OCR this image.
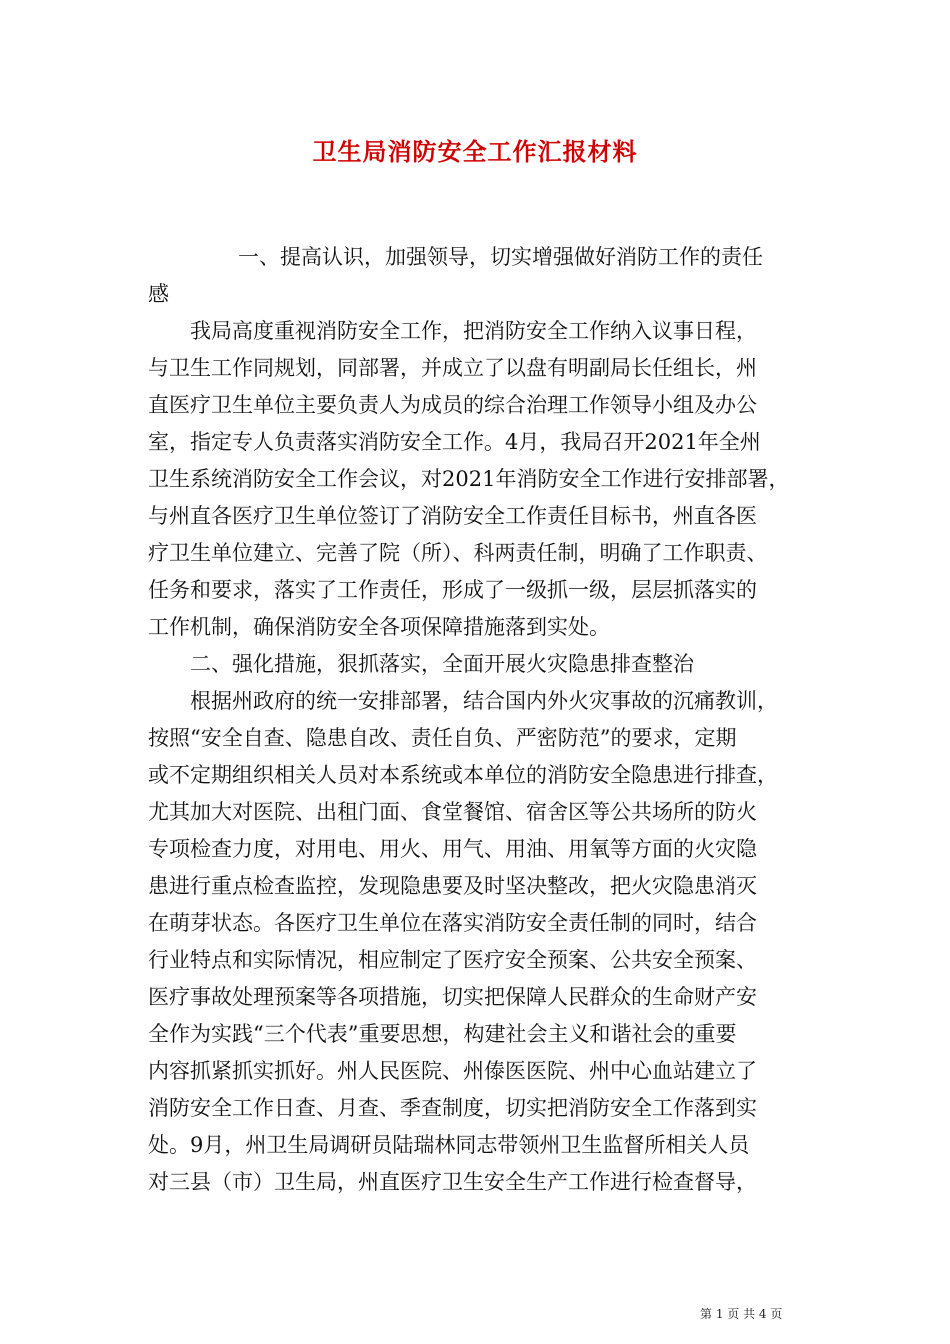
卫生局消防安全工作汇报材料
一、提高认识，加强领导，切实增强做好消防工作的责任
感
我局高度重视消防安全工作，把消防安全工作纳入议事日程，
与卫生工作同规划，同部署，并成立了以盘有明副局长任组长，州
直医疗卫生单位主要负责人为成员的综合治理工作领导小组及办公
室，指定专人负责落实消防安全工作。4月，我局召开2021年全州
卫生系统消防安全工作会议，对2021年消防安全工作进行安排部署，
与州直各医疗卫生单位签订了消防安全工作责任目标书，州直各医
疗卫生单位建立、完善了院（所）、科两责任制，明确了工作职责、
任务和要求，落实了工作责任，形成了一级抓一级，层层抓落实的
工作机制，确保消防安全各项保障措施落到实处。
二、强化措施，狠抓落实，全面开展火灾隐患排查整治
根据州政府的统一安排部署，结合国内外火灾事故的沉痛教训，
按照“安全自查、隐患自改、责任自负、严密防范”的要求，定期
或不定期组织相关人员对本系统或本单位的消防安全隐患进行排查，
尤其加大对医院、出租门面、食堂餐馆、宿舍区等公共场所的防火
专项检查力度，对用电、用火、用气、用油、用氧等方面的火灾隐
患进行重点检查监控，发现隐患要及时坚决整改，把火灾隐患消灭
在萌芽状态。各医疗卫生单位在落实消防安全责任制的同时，结合
行业特点和实际情况，相应制定了医疗安全预案、公共安全预案、
医疗事故处理预案等各项措施，切实把保障人民群众的生命财产安
全作为实践“三个代表”重要思想，构建社会主义和谐社会的重要
内容抓紧抓实抓好。州人民医院、州傣医医院、州中心血站建立了
消防安全工作日查、月查、季查制度，切实把消防安全工作落到实
处。9月，州卫生局调研员陆瑞林同志带领州卫生监督所相关人员
对三县（市）卫生局，州直医疗卫生安全生产工作进行检查督导，
第 1 页 共 4 页
